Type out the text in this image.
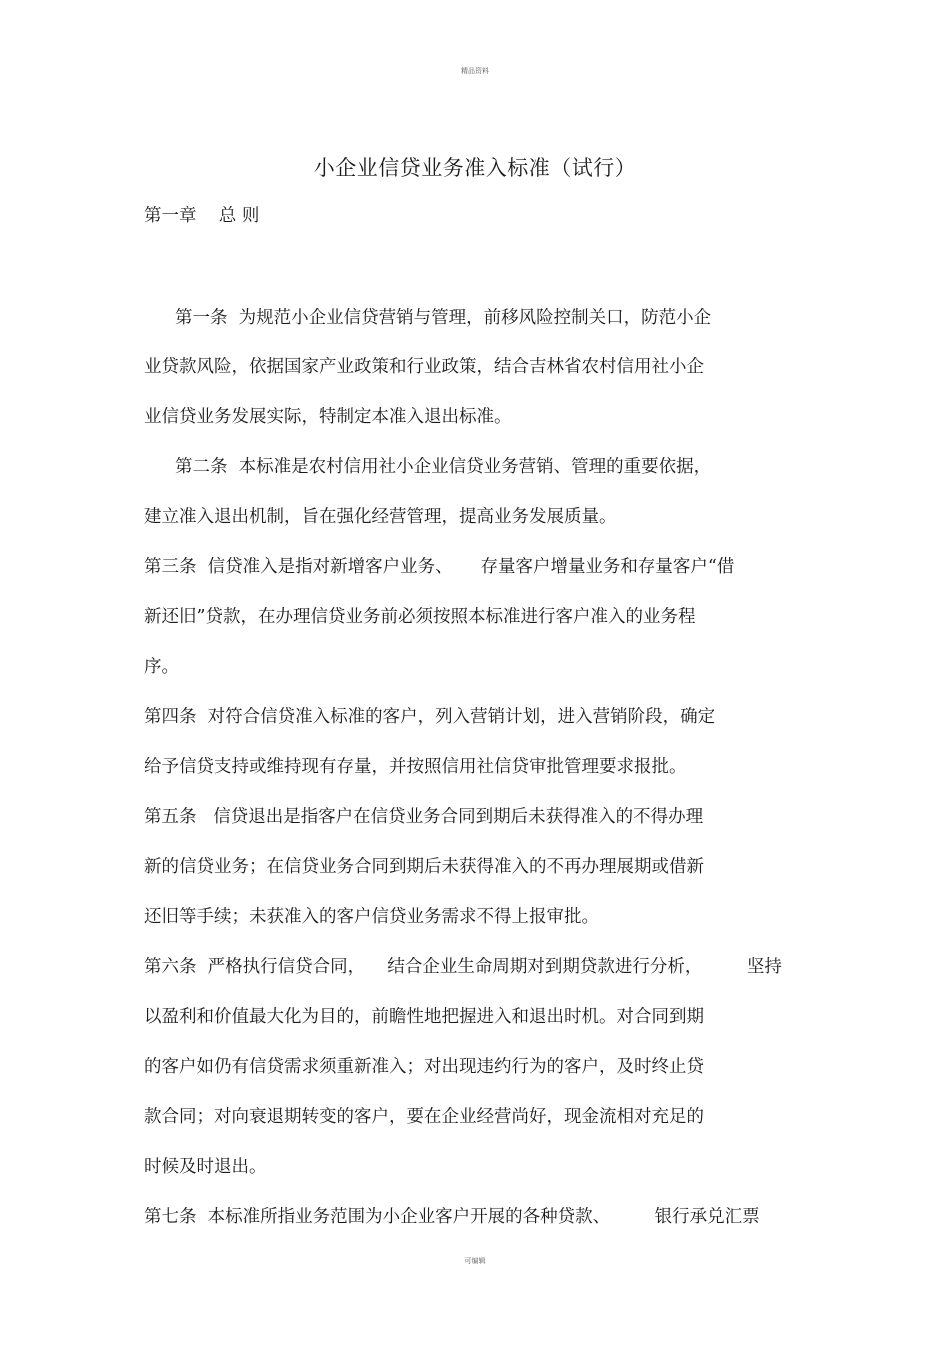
精品资料
小企业信贷业务准入标准（试行）
第一章    总 则
第一条  为规范小企业信贷营销与管理，前移风险控制关口，防范小企
业贷款风险，依据国家产业政策和行业政策，结合吉林省农村信用社小企
业信贷业务发展实际，特制定本准入退出标准。
第二条  本标准是农村信用社小企业信贷业务营销、管理的重要依据，
建立准入退出机制，旨在强化经营管理，提高业务发展质量。
第三条  信贷准入是指对新增客户业务、     存量客户增量业务和存量客户“借
新还旧”贷款，在办理信贷业务前必须按照本标准进行客户准入的业务程
序。
第四条  对符合信贷准入标准的客户，列入营销计划，进入营销阶段，确定
给予信贷支持或维持现有存量，并按照信用社信贷审批管理要求报批。
第五条   信贷退出是指客户在信贷业务合同到期后未获得准入的不得办理
新的信贷业务；在信贷业务合同到期后未获得准入的不再办理展期或借新
还旧等手续；未获准入的客户信贷业务需求不得上报审批。
第六条  严格执行信贷合同，    结合企业生命周期对到期贷款进行分析，        坚持
以盈利和价值最大化为目的，前瞻性地把握进入和退出时机。对合同到期
的客户如仍有信贷需求须重新准入；对出现违约行为的客户，及时终止贷
款合同；对向衰退期转变的客户，要在企业经营尚好，现金流相对充足的
时候及时退出。
第七条  本标准所指业务范围为小企业客户开展的各种贷款、        银行承兑汇票
可编辑
